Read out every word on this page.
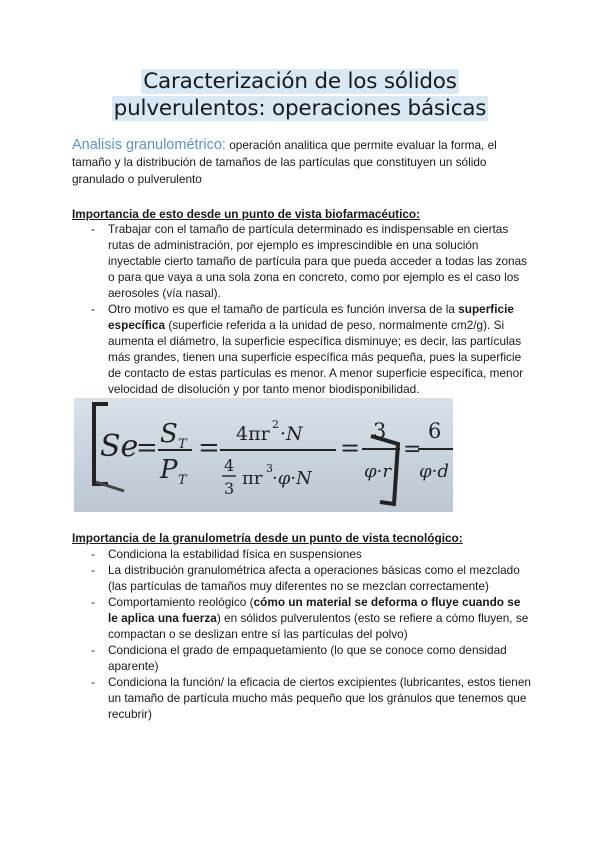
Caracterización de los sólidos
pulverulentos: operaciones básicas

Analisis granulométrico: operación analitica que permite evaluar la forma, el tamaño y la distribución de tamaños de las partículas que constituyen un sólido granulado o pulverulento

Importancia de esto desde un punto de vista biofarmacéutico:
- Trabajar con el tamaño de partícula determinado es indispensable en ciertas rutas de administración, por ejemplo es imprescindible en una solución inyectable cierto tamaño de partícula para que pueda acceder a todas las zonas o para que vaya a una sola zona en concreto, como por ejemplo es el caso los aerosoles (vía nasal).
- Otro motivo es que el tamaño de partícula es función inversa de la superficie específica (superficie referida a la unidad de peso, normalmente cm2/g). Si aumenta el diámetro, la superficie específica disminuye; es decir, las partículas más grandes, tienen una superficie específica más pequeña, pues la superficie de contacto de estas partículas es menor. A menor superficie específica, menor velocidad de disolución y por tanto menor biodisponibilidad.
Se
= S T
P T
= 4πr 2 ·N
4
3 πr 3 ·φ·N
=
3
φ·r
=
6
φ·d
Importancia de la granulometría desde un punto de vista tecnológico:
- Condiciona la estabilidad física en suspensiones
- La distribución granulométrica afecta a operaciones básicas como el mezclado (las partículas de tamaños muy diferentes no se mezclan correctamente)
- Comportamiento reológico (cómo un material se deforma o fluye cuando se le aplica una fuerza) en sólidos pulverulentos (esto se refiere a cómo fluyen, se compactan o se deslizan entre sí las partículas del polvo)
- Condiciona el grado de empaquetamiento (lo que se conoce como densidad aparente)
- Condiciona la función/ la eficacia de ciertos excipientes (lubricantes, estos tienen un tamaño de partícula mucho más pequeño que los gránulos que tenemos que recubrir)
